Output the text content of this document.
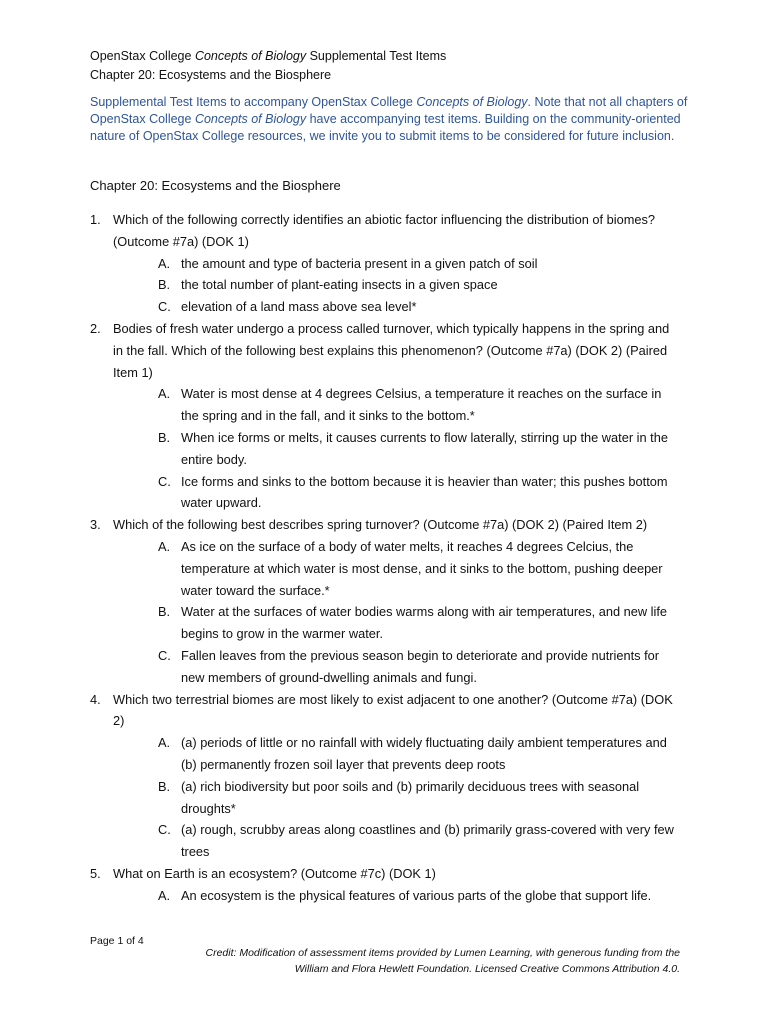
OpenStax College Concepts of Biology Supplemental Test Items
Chapter 20: Ecosystems and the Biosphere
Supplemental Test Items to accompany OpenStax College Concepts of Biology. Note that not all chapters of OpenStax College Concepts of Biology have accompanying test items. Building on the community-oriented nature of OpenStax College resources, we invite you to submit items to be considered for future inclusion.
Chapter 20: Ecosystems and the Biosphere
1. Which of the following correctly identifies an abiotic factor influencing the distribution of biomes? (Outcome #7a) (DOK 1)
A. the amount and type of bacteria present in a given patch of soil
B. the total number of plant-eating insects in a given space
C. elevation of a land mass above sea level*
2. Bodies of fresh water undergo a process called turnover, which typically happens in the spring and in the fall. Which of the following best explains this phenomenon? (Outcome #7a) (DOK 2) (Paired Item 1)
A. Water is most dense at 4 degrees Celsius, a temperature it reaches on the surface in the spring and in the fall, and it sinks to the bottom.*
B. When ice forms or melts, it causes currents to flow laterally, stirring up the water in the entire body.
C. Ice forms and sinks to the bottom because it is heavier than water; this pushes bottom water upward.
3. Which of the following best describes spring turnover? (Outcome #7a) (DOK 2) (Paired Item 2)
A. As ice on the surface of a body of water melts, it reaches 4 degrees Celcius, the temperature at which water is most dense, and it sinks to the bottom, pushing deeper water toward the surface.*
B. Water at the surfaces of water bodies warms along with air temperatures, and new life begins to grow in the warmer water.
C. Fallen leaves from the previous season begin to deteriorate and provide nutrients for new members of ground-dwelling animals and fungi.
4. Which two terrestrial biomes are most likely to exist adjacent to one another? (Outcome #7a) (DOK 2)
A. (a) periods of little or no rainfall with widely fluctuating daily ambient temperatures and (b) permanently frozen soil layer that prevents deep roots
B. (a) rich biodiversity but poor soils and (b) primarily deciduous trees with seasonal droughts*
C. (a) rough, scrubby areas along coastlines and (b) primarily grass-covered with very few trees
5. What on Earth is an ecosystem? (Outcome #7c) (DOK 1)
A. An ecosystem is the physical features of various parts of the globe that support life.
Page 1 of 4
Credit: Modification of assessment items provided by Lumen Learning, with generous funding from the William and Flora Hewlett Foundation. Licensed Creative Commons Attribution 4.0.
